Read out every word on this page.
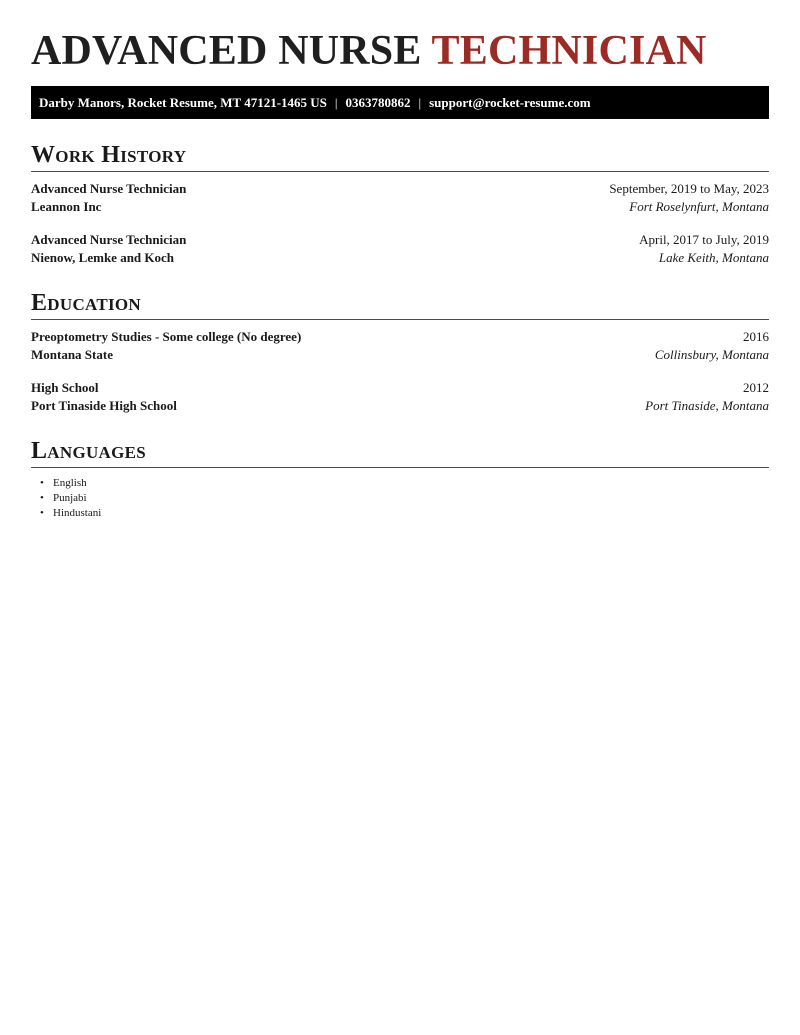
ADVANCED NURSE TECHNICIAN
Darby Manors, Rocket Resume, MT 47121-1465 US | 0363780862 | support@rocket-resume.com
Work History
Advanced Nurse Technician	September, 2019 to May, 2023
Leannon Inc	Fort Roselynfurt, Montana
Advanced Nurse Technician	April, 2017 to July, 2019
Nienow, Lemke and Koch	Lake Keith, Montana
Education
Preoptometry Studies - Some college (No degree)	2016
Montana State	Collinsbury, Montana
High School	2012
Port Tinaside High School	Port Tinaside, Montana
Languages
• English
• Punjabi
• Hindustani
